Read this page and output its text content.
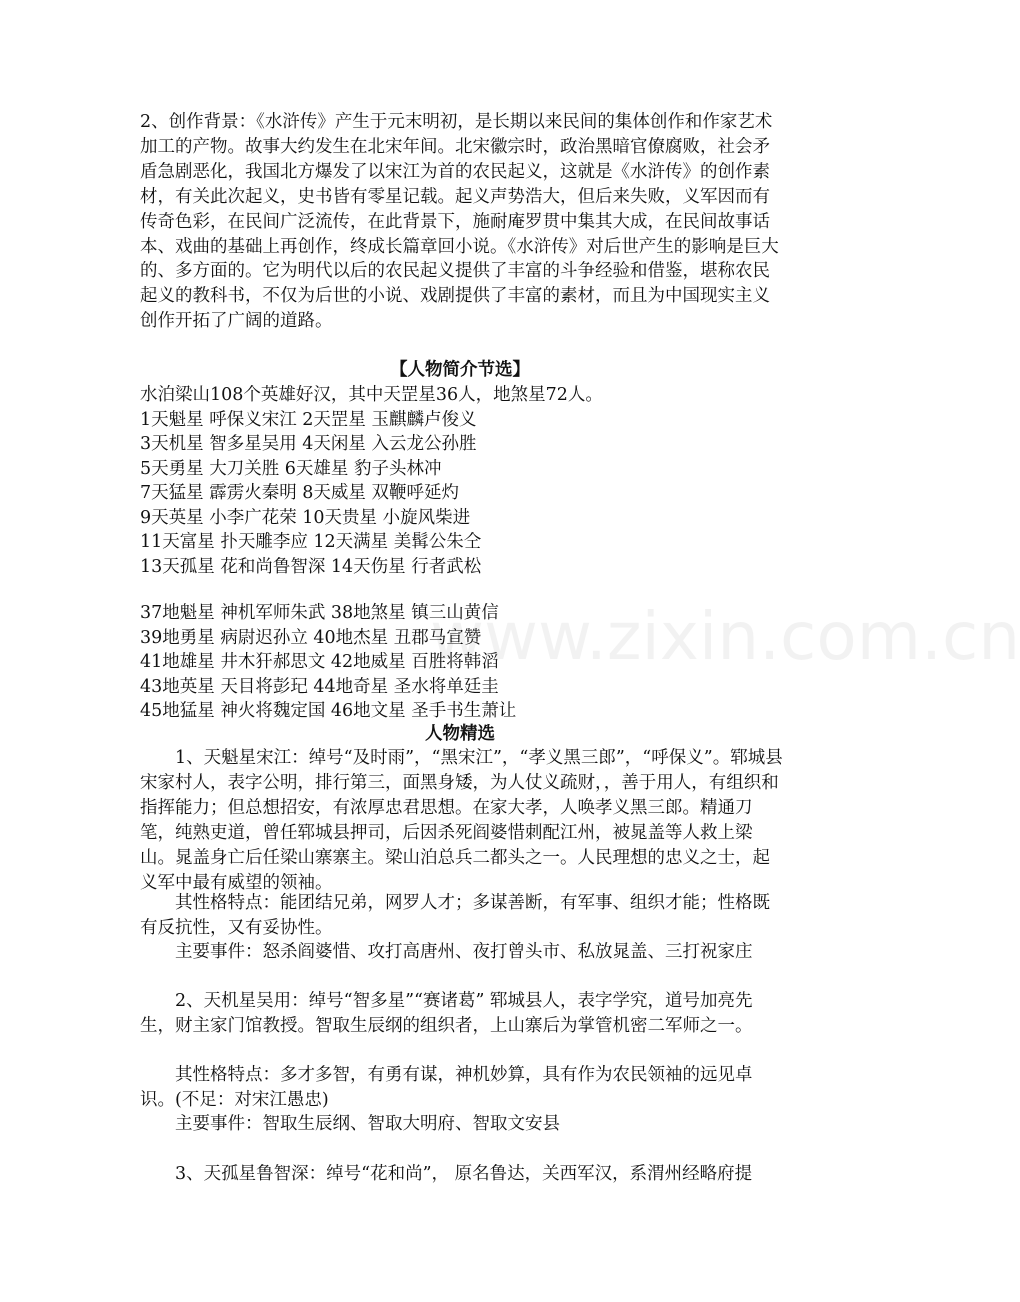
2、创作背景：《水浒传》产生于元末明初，是长期以来民间的集体创作和作家艺术加工的产物。故事大约发生在北宋年间。北宋徽宗时，政治黑暗官僚腐败，社会矛盾急剧恶化，我国北方爆发了以宋江为首的农民起义，这就是《水浒传》的创作素材，有关此次起义，史书皆有零星记载。起义声势浩大，但后来失败，义军因而有传奇色彩，在民间广泛流传，在此背景下，施耐庵罗贯中集其大成，在民间故事话本、戏曲的基础上再创作，终成长篇章回小说。《水浒传》对后世产生的影响是巨大的、多方面的。它为明代以后的农民起义提供了丰富的斗争经验和借鉴，堪称农民起义的教科书，不仅为后世的小说、戏剧提供了丰富的素材，而且为中国现实主义创作开拓了广阔的道路。

【人物简介节选】
水泊梁山108个英雄好汉，其中天罡星36人，地煞星72人。
1天魁星 呼保义宋江 2天罡星 玉麒麟卢俊义
3天机星 智多星吴用 4天闲星 入云龙公孙胜
5天勇星 大刀关胜 6天雄星 豹子头林冲
7天猛星 霹雳火秦明 8天威星 双鞭呼延灼
9天英星 小李广花荣 10天贵星 小旋风柴进
11天富星 扑天雕李应 12天满星 美髯公朱仝
13天孤星 花和尚鲁智深 14天伤星 行者武松
37地魁星 神机军师朱武 38地煞星 镇三山黄信
39地勇星 病尉迟孙立 40地杰星 丑郡马宣赞
41地雄星 井木犴郝思文 42地威星 百胜将韩滔
43地英星 天目将彭玘 44地奇星 圣水将单廷圭
45地猛星 神火将魏定国 46地文星 圣手书生萧让
人物精选

1、天魁星宋江：绰号“及时雨”，“黑宋江”，“孝义黑三郎”，“呼保义”。郓城县宋家村人，表字公明，排行第三，面黑身矮，为人仗义疏财，，善于用人，有组织和指挥能力；但总想招安，有浓厚忠君思想。在家大孝，人唤孝义黑三郎。精通刀笔，纯熟吏道，曾任郓城县押司，后因杀死阎婆惜刺配江州，被晁盖等人救上梁山。晁盖身亡后任梁山寨寨主。梁山泊总兵二都头之一。人民理想的忠义之士，起义军中最有威望的领袖。

其性格特点：能团结兄弟，网罗人才；多谋善断，有军事、组织才能；性格既有反抗性，又有妥协性。

主要事件：怒杀阎婆惜、攻打高唐州、夜打曾头市、私放晁盖、三打祝家庄

2、天机星吴用：绰号“智多星”“赛诸葛” 郓城县人，表字学究，道号加亮先生，财主家门馆教授。智取生辰纲的组织者，上山寨后为掌管机密二军师之一。

其性格特点：多才多智，有勇有谋，神机妙算，具有作为农民领袖的远见卓识。(不足：对宋江愚忠)

主要事件：智取生辰纲、智取大明府、智取文安县

3、天孤星鲁智深：绰号“花和尚”， 原名鲁达，关西军汉，系渭州经略府提

www.zixin.com.cn
